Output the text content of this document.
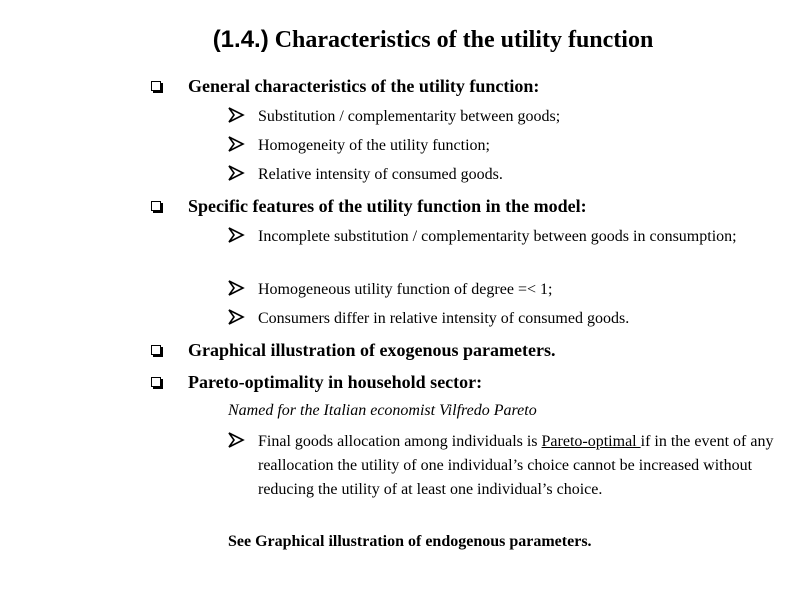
(1.4.) Characteristics of the utility function
General characteristics of the utility function:
Substitution / complementarity between goods;
Homogeneity of the utility function;
Relative intensity of consumed goods.
Specific features of the utility function in the model:
Incomplete substitution / complementarity between goods in consumption;
Homogeneous utility function of degree =< 1;
Consumers differ in relative intensity of consumed goods.
Graphical illustration of exogenous parameters.
Pareto-optimality in household sector:
Named for the Italian economist Vilfredo Pareto
Final goods allocation among individuals is Pareto-optimal if in the event of any reallocation the utility of one individual’s choice cannot be increased without reducing the utility of at least one individual’s choice.
See Graphical illustration of endogenous parameters.
